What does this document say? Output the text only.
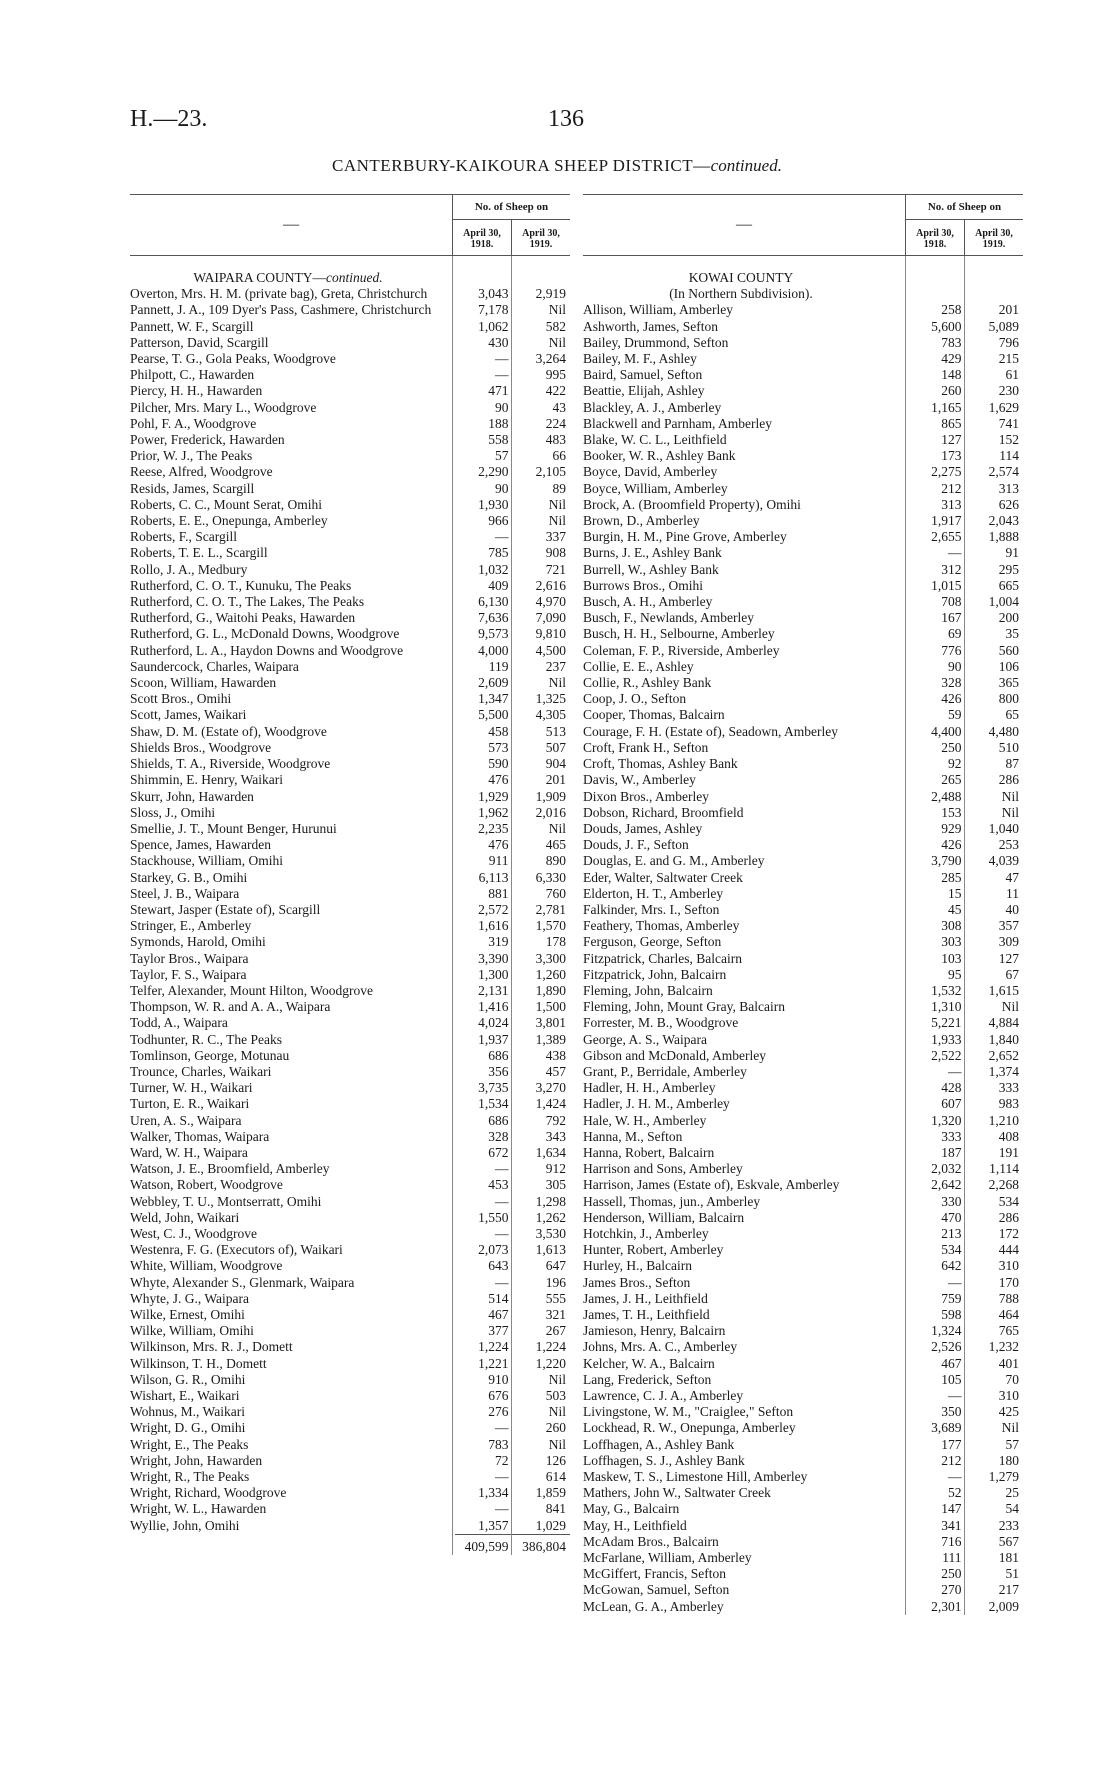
H.—23.	136
CANTERBURY-KAIKOURA SHEEP DISTRICT—continued.
—
No. of Sheep on
April 30, 1918.
April 30, 1919.
WAIPARA COUNTY—continued.
Overton, Mrs. H. M. (private bag), Greta, Christchurch	3,043	2,919
Pannett, J. A., 109 Dyer's Pass, Cashmere, Christchurch	7,178	Nil
Pannett, W. F., Scargill	1,062	582
Patterson, David, Scargill	430	Nil
Pearse, T. G., Gola Peaks, Woodgrove	—	3,264
Philpott, C., Hawarden	—	995
Piercy, H. H., Hawarden	471	422
Pilcher, Mrs. Mary L., Woodgrove	90	43
Pohl, F. A., Woodgrove	188	224
Power, Frederick, Hawarden	558	483
Prior, W. J., The Peaks	57	66
Reese, Alfred, Woodgrove	2,290	2,105
Resids, James, Scargill	90	89
Roberts, C. C., Mount Serat, Omihi	1,930	Nil
Roberts, E. E., Onepunga, Amberley	966	Nil
Roberts, F., Scargill	—	337
Roberts, T. E. L., Scargill	785	908
Rollo, J. A., Medbury	1,032	721
Rutherford, C. O. T., Kunuku, The Peaks	409	2,616
Rutherford, C. O. T., The Lakes, The Peaks	6,130	4,970
Rutherford, G., Waitohi Peaks, Hawarden	7,636	7,090
Rutherford, G. L., McDonald Downs, Woodgrove	9,573	9,810
Rutherford, L. A., Haydon Downs and Woodgrove	4,000	4,500
Saundercock, Charles, Waipara	119	237
Scoon, William, Hawarden	2,609	Nil
Scott Bros., Omihi	1,347	1,325
Scott, James, Waikari	5,500	4,305
Shaw, D. M. (Estate of), Woodgrove	458	513
Shields Bros., Woodgrove	573	507
Shields, T. A., Riverside, Woodgrove	590	904
Shimmin, E. Henry, Waikari	476	201
Skurr, John, Hawarden	1,929	1,909
Sloss, J., Omihi	1,962	2,016
Smellie, J. T., Mount Benger, Hurunui	2,235	Nil
Spence, James, Hawarden	476	465
Stackhouse, William, Omihi	911	890
Starkey, G. B., Omihi	6,113	6,330
Steel, J. B., Waipara	881	760
Stewart, Jasper (Estate of), Scargill	2,572	2,781
Stringer, E., Amberley	1,616	1,570
Symonds, Harold, Omihi	319	178
Taylor Bros., Waipara	3,390	3,300
Taylor, F. S., Waipara	1,300	1,260
Telfer, Alexander, Mount Hilton, Woodgrove	2,131	1,890
Thompson, W. R. and A. A., Waipara	1,416	1,500
Todd, A., Waipara	4,024	3,801
Todhunter, R. C., The Peaks	1,937	1,389
Tomlinson, George, Motunau	686	438
Trounce, Charles, Waikari	356	457
Turner, W. H., Waikari	3,735	3,270
Turton, E. R., Waikari	1,534	1,424
Uren, A. S., Waipara	686	792
Walker, Thomas, Waipara	328	343
Ward, W. H., Waipara	672	1,634
Watson, J. E., Broomfield, Amberley	—	912
Watson, Robert, Woodgrove	453	305
Webbley, T. U., Montserratt, Omihi	—	1,298
Weld, John, Waikari	1,550	1,262
West, C. J., Woodgrove	—	3,530
Westenra, F. G. (Executors of), Waikari	2,073	1,613
White, William, Woodgrove	643	647
Whyte, Alexander S., Glenmark, Waipara	—	196
Whyte, J. G., Waipara	514	555
Wilke, Ernest, Omihi	467	321
Wilke, William, Omihi	377	267
Wilkinson, Mrs. R. J., Domett	1,224	1,224
Wilkinson, T. H., Domett	1,221	1,220
Wilson, G. R., Omihi	910	Nil
Wishart, E., Waikari	676	503
Wohnus, M., Waikari	276	Nil
Wright, D. G., Omihi	—	260
Wright, E., The Peaks	783	Nil
Wright, John, Hawarden	72	126
Wright, R., The Peaks	—	614
Wright, Richard, Woodgrove	1,334	1,859
Wright, W. L., Hawarden	—	841
Wyllie, John, Omihi	1,357	1,029
409,599	386,804
—
No. of Sheep on
April 30, 1918.
April 30, 1919.
KOWAI COUNTY
(In Northern Subdivision).
Allison, William, Amberley	258	201
Ashworth, James, Sefton	5,600	5,089
Bailey, Drummond, Sefton	783	796
Bailey, M. F., Ashley	429	215
Baird, Samuel, Sefton	148	61
Beattie, Elijah, Ashley	260	230
Blackley, A. J., Amberley	1,165	1,629
Blackwell and Parnham, Amberley	865	741
Blake, W. C. L., Leithfield	127	152
Booker, W. R., Ashley Bank	173	114
Boyce, David, Amberley	2,275	2,574
Boyce, William, Amberley	212	313
Brock, A. (Broomfield Property), Omihi	313	626
Brown, D., Amberley	1,917	2,043
Burgin, H. M., Pine Grove, Amberley	2,655	1,888
Burns, J. E., Ashley Bank	—	91
Burrell, W., Ashley Bank	312	295
Burrows Bros., Omihi	1,015	665
Busch, A. H., Amberley	708	1,004
Busch, F., Newlands, Amberley	167	200
Busch, H. H., Selbourne, Amberley	69	35
Coleman, F. P., Riverside, Amberley	776	560
Collie, E. E., Ashley	90	106
Collie, R., Ashley Bank	328	365
Coop, J. O., Sefton	426	800
Cooper, Thomas, Balcairn	59	65
Courage, F. H. (Estate of), Seadown, Amberley	4,400	4,480
Croft, Frank H., Sefton	250	510
Croft, Thomas, Ashley Bank	92	87
Davis, W., Amberley	265	286
Dixon Bros., Amberley	2,488	Nil
Dobson, Richard, Broomfield	153	Nil
Douds, James, Ashley	929	1,040
Douds, J. F., Sefton	426	253
Douglas, E. and G. M., Amberley	3,790	4,039
Eder, Walter, Saltwater Creek	285	47
Elderton, H. T., Amberley	15	11
Falkinder, Mrs. I., Sefton	45	40
Feathery, Thomas, Amberley	308	357
Ferguson, George, Sefton	303	309
Fitzpatrick, Charles, Balcairn	103	127
Fitzpatrick, John, Balcairn	95	67
Fleming, John, Balcairn	1,532	1,615
Fleming, John, Mount Gray, Balcairn	1,310	Nil
Forrester, M. B., Woodgrove	5,221	4,884
George, A. S., Waipara	1,933	1,840
Gibson and McDonald, Amberley	2,522	2,652
Grant, P., Berridale, Amberley	—	1,374
Hadler, H. H., Amberley	428	333
Hadler, J. H. M., Amberley	607	983
Hale, W. H., Amberley	1,320	1,210
Hanna, M., Sefton	333	408
Hanna, Robert, Balcairn	187	191
Harrison and Sons, Amberley	2,032	1,114
Harrison, James (Estate of), Eskvale, Amberley	2,642	2,268
Hassell, Thomas, jun., Amberley	330	534
Henderson, William, Balcairn	470	286
Hotchkin, J., Amberley	213	172
Hunter, Robert, Amberley	534	444
Hurley, H., Balcairn	642	310
James Bros., Sefton	—	170
James, J. H., Leithfield	759	788
James, T. H., Leithfield	598	464
Jamieson, Henry, Balcairn	1,324	765
Johns, Mrs. A. C., Amberley	2,526	1,232
Kelcher, W. A., Balcairn	467	401
Lang, Frederick, Sefton	105	70
Lawrence, C. J. A., Amberley	—	310
Livingstone, W. M., "Craiglee," Sefton	350	425
Lockhead, R. W., Onepunga, Amberley	3,689	Nil
Loffhagen, A., Ashley Bank	177	57
Loffhagen, S. J., Ashley Bank	212	180
Maskew, T. S., Limestone Hill, Amberley	—	1,279
Mathers, John W., Saltwater Creek	52	25
May, G., Balcairn	147	54
May, H., Leithfield	341	233
McAdam Bros., Balcairn	716	567
McFarlane, William, Amberley	111	181
McGiffert, Francis, Sefton	250	51
McGowan, Samuel, Sefton	270	217
McLean, G. A., Amberley	2,301	2,009
